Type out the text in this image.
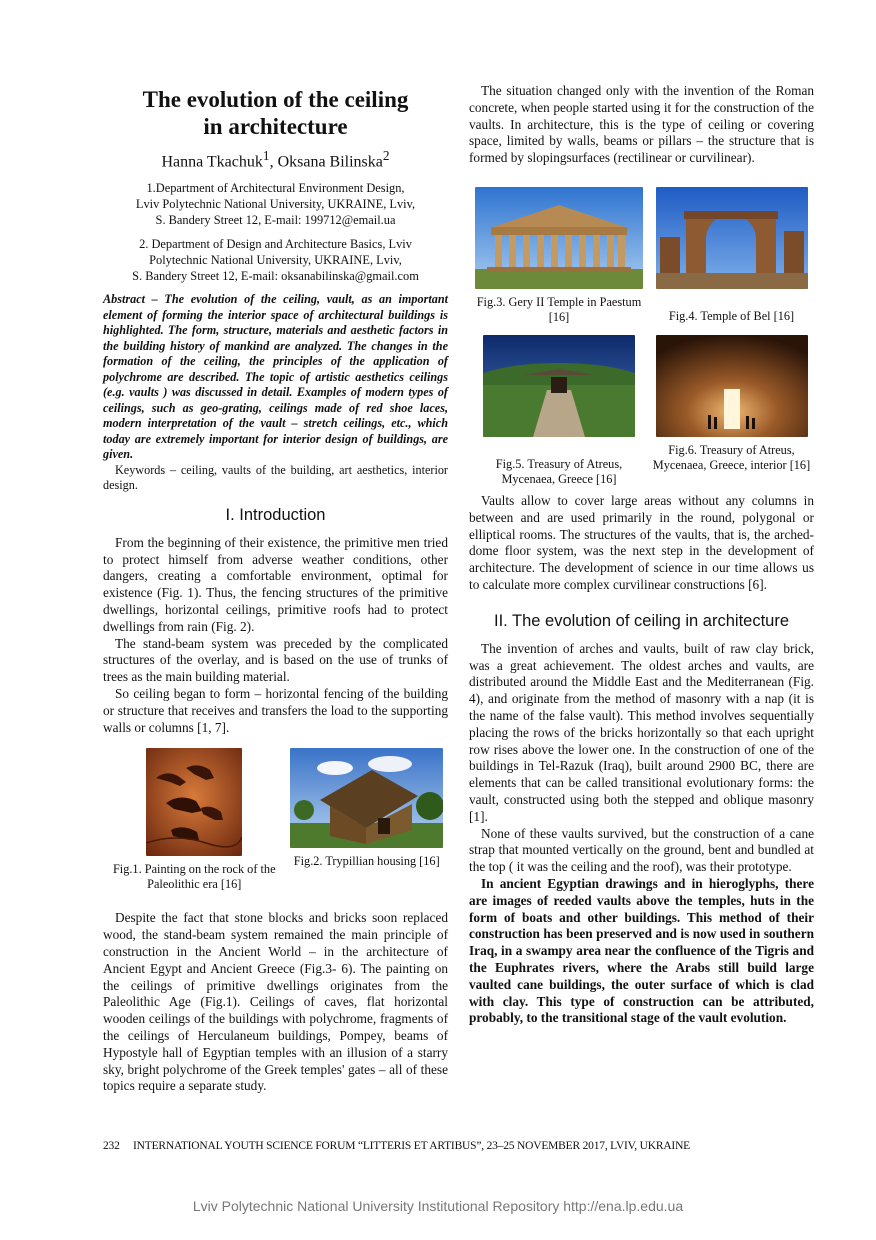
The evolution of the ceiling
in architecture
Hanna Tkachuk$^1$, Oksana Bilinska$^2$
1.Department of Architectural Environment Design,
Lviv Polytechnic National University, UKRAINE, Lviv,
S. Bandery Street 12, E-mail: 199712@email.ua
2. Department of Design and Architecture Basics, Lviv
Polytechnic National University, UKRAINE, Lviv,
S. Bandery Street 12, E-mail: oksanabilinska@gmail.com

Abstract – The evolution of the ceiling, vault, as an important element of forming the interior space of architectural buildings is highlighted. The form, structure, materials and aesthetic factors in the building history of mankind are analyzed. The changes in the formation of the ceiling, the principles of the application of polychrome are described. The topic of artistic aesthetics ceilings (e.g. vaults ) was discussed in detail. Examples of modern types of ceilings, such as geo-grating, ceilings made of red shoe laces, modern interpretation of the vault – stretch ceilings, etc., which today are extremely important for interior design of buildings, are given.

Keywords – ceiling, vaults of the building, art aesthetics, interior design.

I. Introduction

From the beginning of their existence, the primitive men tried to protect himself from adverse weather conditions, other dangers, creating a comfortable environment, optimal for existence (Fig. 1). Thus, the fencing structures of the primitive dwellings, horizontal ceilings, primitive roofs had to protect dwellings from rain (Fig. 2).

The stand-beam system was preceded by the complicated structures of the overlay, and is based on the use of trunks of trees as the main building material.

So ceiling began to form – horizontal fencing of the building or structure that receives and transfers the load to the supporting walls or columns [1, 7].

Fig.1. Painting on the rock of the Paleolithic era [16]
Fig.2. Trypillian housing [16]

Despite the fact that stone blocks and bricks soon replaced wood, the stand-beam system remained the main principle of construction in the Ancient World – in the architecture of Ancient Egypt and Ancient Greece (Fig.3- 6). The painting on the ceilings of primitive dwellings originates from the Paleolithic Age (Fig.1). Ceilings of caves, flat horizontal wooden ceilings of the buildings with polychrome, fragments of the ceilings of Herculaneum buildings, Pompey, beams of Hypostyle hall of Egyptian temples with an illusion of a starry sky, bright polychrome of the Greek temples' gates – all of these topics require a separate study.

The situation changed only with the invention of the Roman concrete, when people started using it for the construction of the vaults. In architecture, this is the type of ceiling or covering space, limited by walls, beams or pillars – the structure that is formed by slopingsurfaces (rectilinear or curvilinear).

Fig.3. Gery II Temple in Paestum [16]	Fig.4. Temple of Bel [16]
Fig.5. Treasury of Atreus, Mycenaea, Greece [16]
Fig.6. Treasury of Atreus, Mycenaea, Greece, interior [16]

Vaults allow to cover large areas without any columns in between and are used primarily in the round, polygonal or elliptical rooms. The structures of the vaults, that is, the arched-dome floor system, was the next step in the development of architecture. The development of science in our time allows us to calculate more complex curvilinear constructions [6].

II. The evolution of ceiling in architecture

The invention of arches and vaults, built of raw clay brick, was a great achievement. The oldest arches and vaults, are distributed around the Middle East and the Mediterranean (Fig. 4), and originate from the method of masonry with a nap (it is the name of the false vault). This method involves sequentially placing the rows of the bricks horizontally so that each upright row rises above the lower one. In the construction of one of the buildings in Tel-Razuk (Iraq), built around 2900 BC, there are elements that can be called transitional evolutionary forms: the vault, constructed using both the stepped and oblique masonry [1].

None of these vaults survived, but the construction of a cane strap that mounted vertically on the ground, bent and bundled at the top ( it was the ceiling and the roof), was their prototype.

In ancient Egyptian drawings and in hieroglyphs, there are images of reeded vaults above the temples, huts in the form of boats and other buildings. This method of their construction has been preserved and is now used in southern Iraq, in a swampy area near the confluence of the Tigris and the Euphrates rivers, where the Arabs still build large vaulted cane buildings, the outer surface of which is clad with clay. This type of construction can be attributed, probably, to the transitional stage of the vault evolution.

232 INTERNATIONAL YOUTH SCIENCE FORUM “LITTERIS ET ARTIBUS”, 23–25 NOVEMBER 2017, LVIV, UKRAINE
Lviv Polytechnic National University Institutional Repository http://ena.lp.edu.ua
